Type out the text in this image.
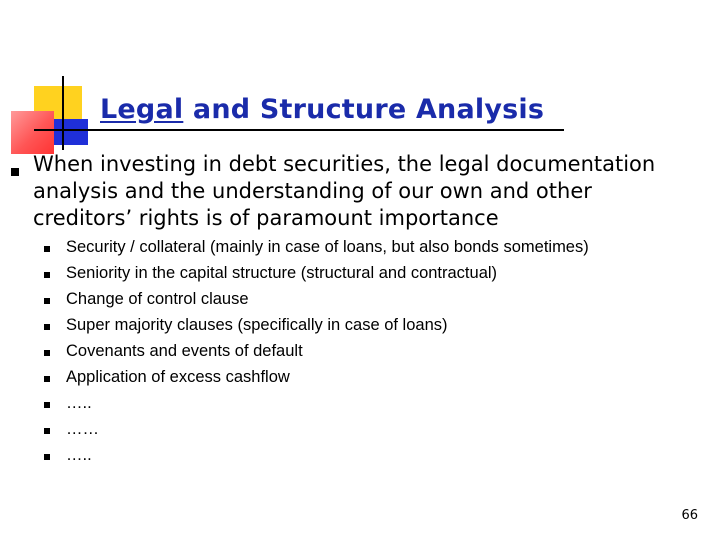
Legal and Structure Analysis

When investing in debt securities, the legal documentation analysis and the understanding of our own and other creditors’ rights is of paramount importance

Security / collateral (mainly in case of loans, but also bonds sometimes)
Seniority in the capital structure (structural and contractual)
Change of control clause
Super majority clauses (specifically in case of loans)
Covenants and events of default
Application of excess cashflow
…..
……
…..
66
